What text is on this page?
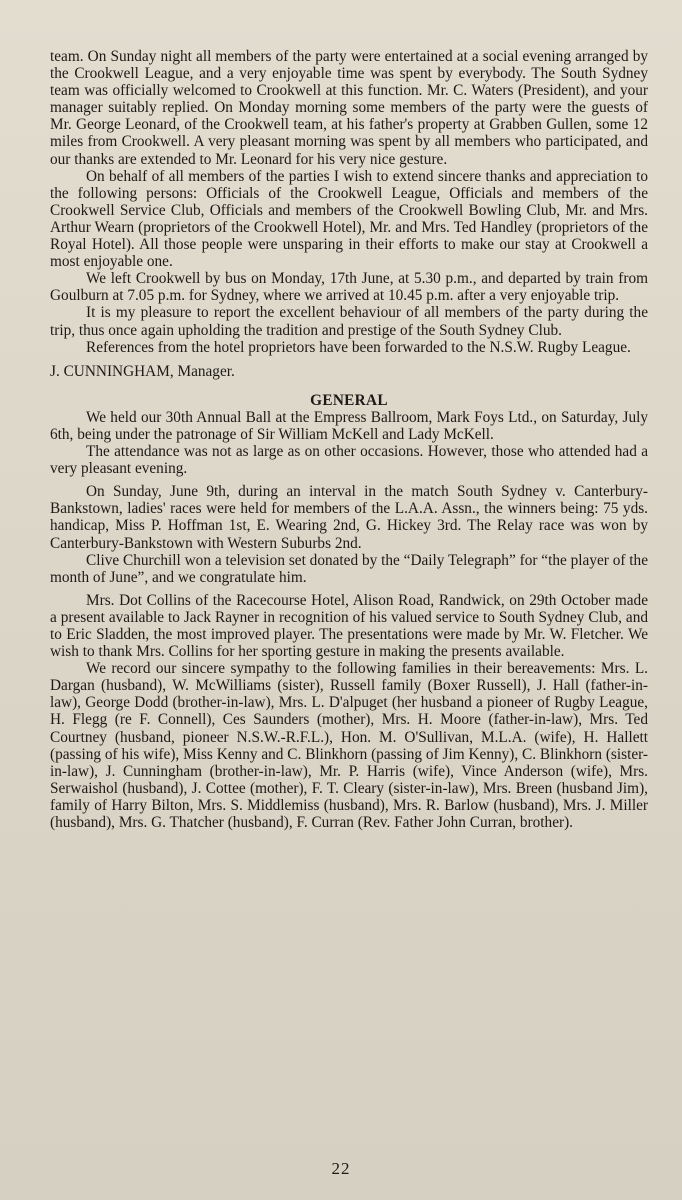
team. On Sunday night all members of the party were entertained at a social evening arranged by the Crookwell League, and a very enjoyable time was spent by everybody. The South Sydney team was officially welcomed to Crookwell at this function. Mr. C. Waters (President), and your manager suitably replied. On Monday morning some members of the party were the guests of Mr. George Leonard, of the Crookwell team, at his father's property at Grabben Gullen, some 12 miles from Crookwell. A very pleasant morning was spent by all members who participated, and our thanks are extended to Mr. Leonard for his very nice gesture.

On behalf of all members of the parties I wish to extend sincere thanks and appreciation to the following persons: Officials of the Crookwell League, Officials and members of the Crookwell Service Club, Officials and members of the Crookwell Bowling Club, Mr. and Mrs. Arthur Wearn (proprietors of the Crookwell Hotel), Mr. and Mrs. Ted Handley (proprietors of the Royal Hotel). All those people were unsparing in their efforts to make our stay at Crookwell a most enjoyable one.

We left Crookwell by bus on Monday, 17th June, at 5.30 p.m., and departed by train from Goulburn at 7.05 p.m. for Sydney, where we arrived at 10.45 p.m. after a very enjoyable trip.

It is my pleasure to report the excellent behaviour of all members of the party during the trip, thus once again upholding the tradition and prestige of the South Sydney Club.

References from the hotel proprietors have been forwarded to the N.S.W. Rugby League.

J. CUNNINGHAM, Manager.

GENERAL

We held our 30th Annual Ball at the Empress Ballroom, Mark Foys Ltd., on Saturday, July 6th, being under the patronage of Sir William McKell and Lady McKell.

The attendance was not as large as on other occasions. However, those who attended had a very pleasant evening.

On Sunday, June 9th, during an interval in the match South Sydney v. Canterbury-Bankstown, ladies' races were held for members of the L.A.A. Assn., the winners being: 75 yds. handicap, Miss P. Hoffman 1st, E. Wearing 2nd, G. Hickey 3rd. The Relay race was won by Canterbury-Bankstown with Western Suburbs 2nd.

Clive Churchill won a television set donated by the “Daily Telegraph” for “the player of the month of June”, and we congratulate him.

Mrs. Dot Collins of the Racecourse Hotel, Alison Road, Randwick, on 29th October made a present available to Jack Rayner in recognition of his valued service to South Sydney Club, and to Eric Sladden, the most improved player. The presentations were made by Mr. W. Fletcher. We wish to thank Mrs. Collins for her sporting gesture in making the presents available.

We record our sincere sympathy to the following families in their bereavements: Mrs. L. Dargan (husband), W. McWilliams (sister), Russell family (Boxer Russell), J. Hall (father-in-law), George Dodd (brother-in-law), Mrs. L. D'alpuget (her husband a pioneer of Rugby League, H. Flegg (re F. Connell), Ces Saunders (mother), Mrs. H. Moore (father-in-law), Mrs. Ted Courtney (husband, pioneer N.S.W.-R.F.L.), Hon. M. O'Sullivan, M.L.A. (wife), H. Hallett (passing of his wife), Miss Kenny and C. Blinkhorn (passing of Jim Kenny), C. Blinkhorn (sister-in-law), J. Cunningham (brother-in-law), Mr. P. Harris (wife), Vince Anderson (wife), Mrs. Serwaishol (husband), J. Cottee (mother), F. T. Cleary (sister-in-law), Mrs. Breen (husband Jim), family of Harry Bilton, Mrs. S. Middlemiss (husband), Mrs. R. Barlow (husband), Mrs. J. Miller (husband), Mrs. G. Thatcher (husband), F. Curran (Rev. Father John Curran, brother).

22
